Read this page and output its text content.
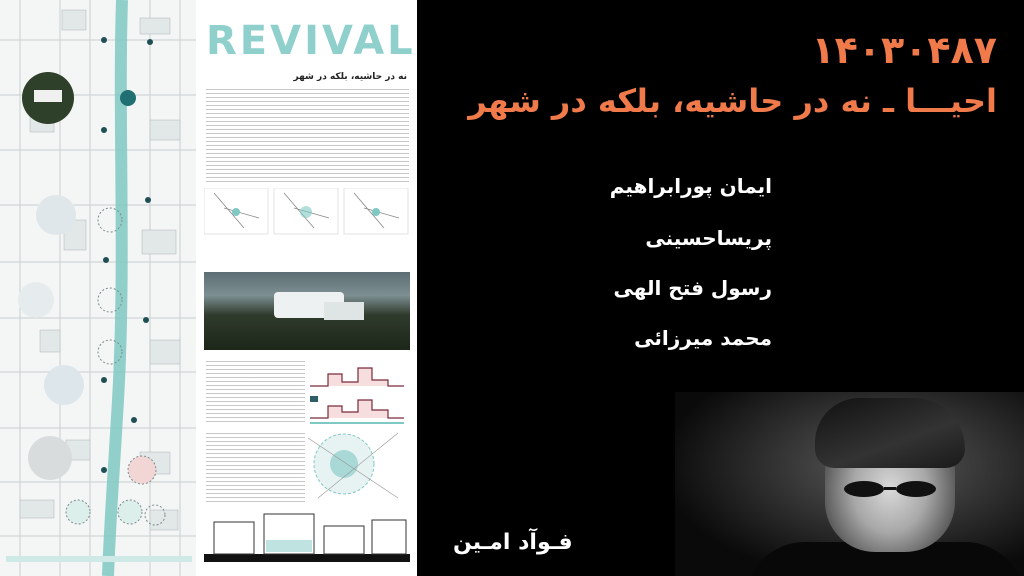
REVIVAL
نه در حاشیه، بلکه در شهر
۱۴۰۳۰۴۸۷
احیـــا ـ نه در حاشیه، بلکه در شهر
ایمان پورابراهیم
پریساحسینی
رسول فتح الهی
محمد میرزائی
فـوآد امـین
